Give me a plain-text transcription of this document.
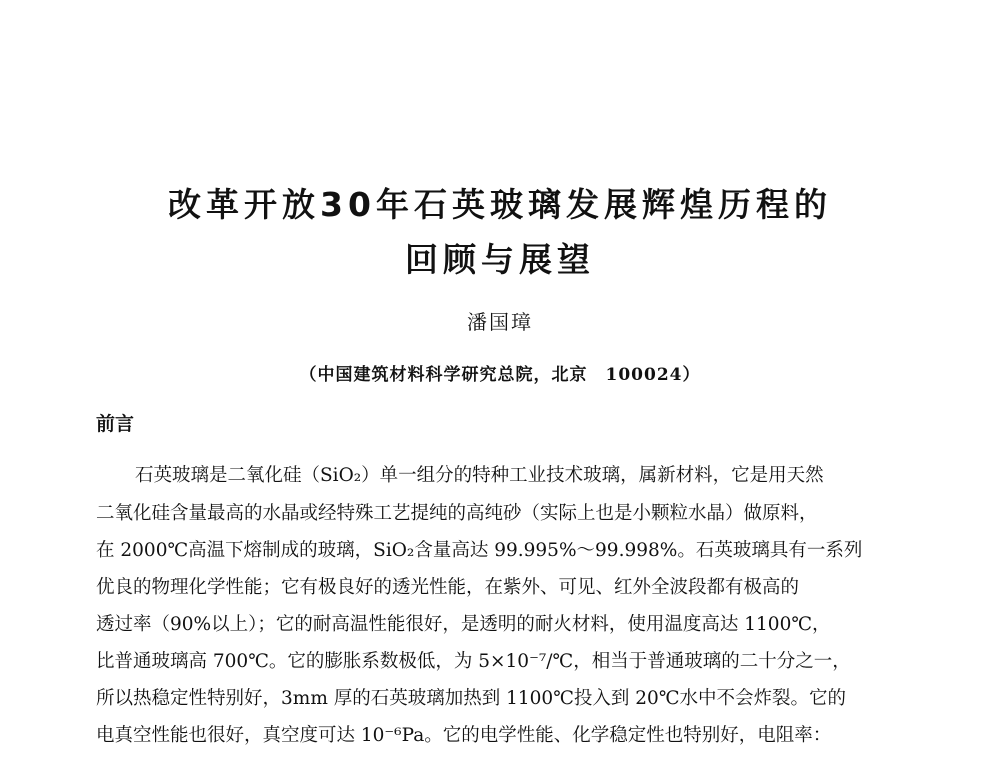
改革开放30年石英玻璃发展辉煌历程的
回顾与展望
潘国璋
（中国建筑材料科学研究总院，北京　100024）
前言
石英玻璃是二氧化硅（SiO₂）单一组分的特种工业技术玻璃，属新材料，它是用天然
二氧化硅含量最高的水晶或经特殊工艺提纯的高纯砂（实际上也是小颗粒水晶）做原料，
在 2000℃高温下熔制成的玻璃，SiO₂含量高达 99.995%～99.998%。石英玻璃具有一系列
优良的物理化学性能；它有极良好的透光性能，在紫外、可见、红外全波段都有极高的
透过率（90%以上）；它的耐高温性能很好，是透明的耐火材料，使用温度高达 1100℃，
比普通玻璃高 700℃。它的膨胀系数极低，为 5×10⁻⁷/℃，相当于普通玻璃的二十分之一，
所以热稳定性特别好，3mm 厚的石英玻璃加热到 1100℃投入到 20℃水中不会炸裂。它的
电真空性能也很好，真空度可达 10⁻⁶Pa。它的电学性能、化学稳定性也特别好，电阻率：
